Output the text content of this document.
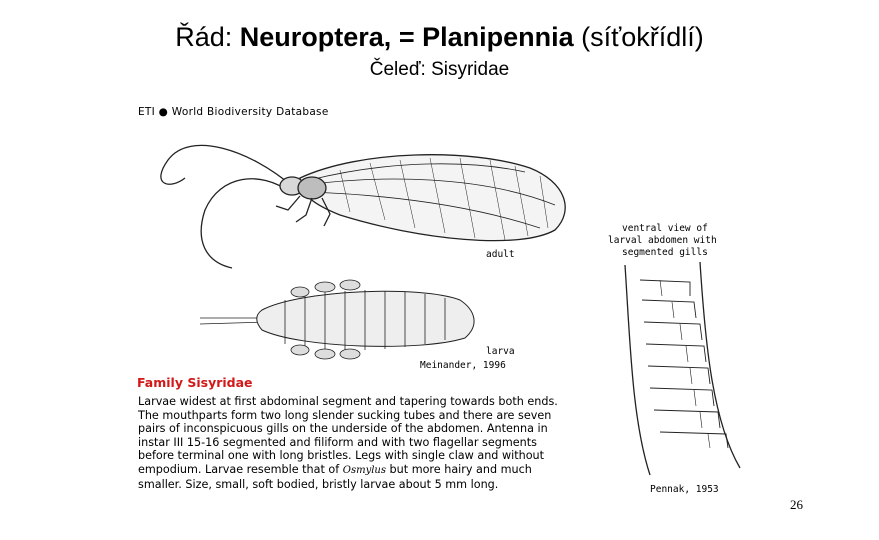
Řád: Neuroptera, = Planipennia (síťokřídlí)
Čeleď: Sisyridae
ETI ● World Biodiversity Database
adult
larva
Meinander, 1996
ventral view of
larval abdomen with
segmented gills
Pennak, 1953
Family Sisyridae

Larvae widest at first abdominal segment and tapering towards both ends.

The mouthparts form two long slender sucking tubes and there are seven

pairs of inconspicuous gills on the underside of the abdomen. Antenna in

instar III 15-16 segmented and filiform and with two flagellar segments

before terminal one with long bristles. Legs with single claw and without

empodium. Larvae resemble that of Osmylus but more hairy and much

smaller. Size, small, soft bodied, bristly larvae about 5 mm long.

26
